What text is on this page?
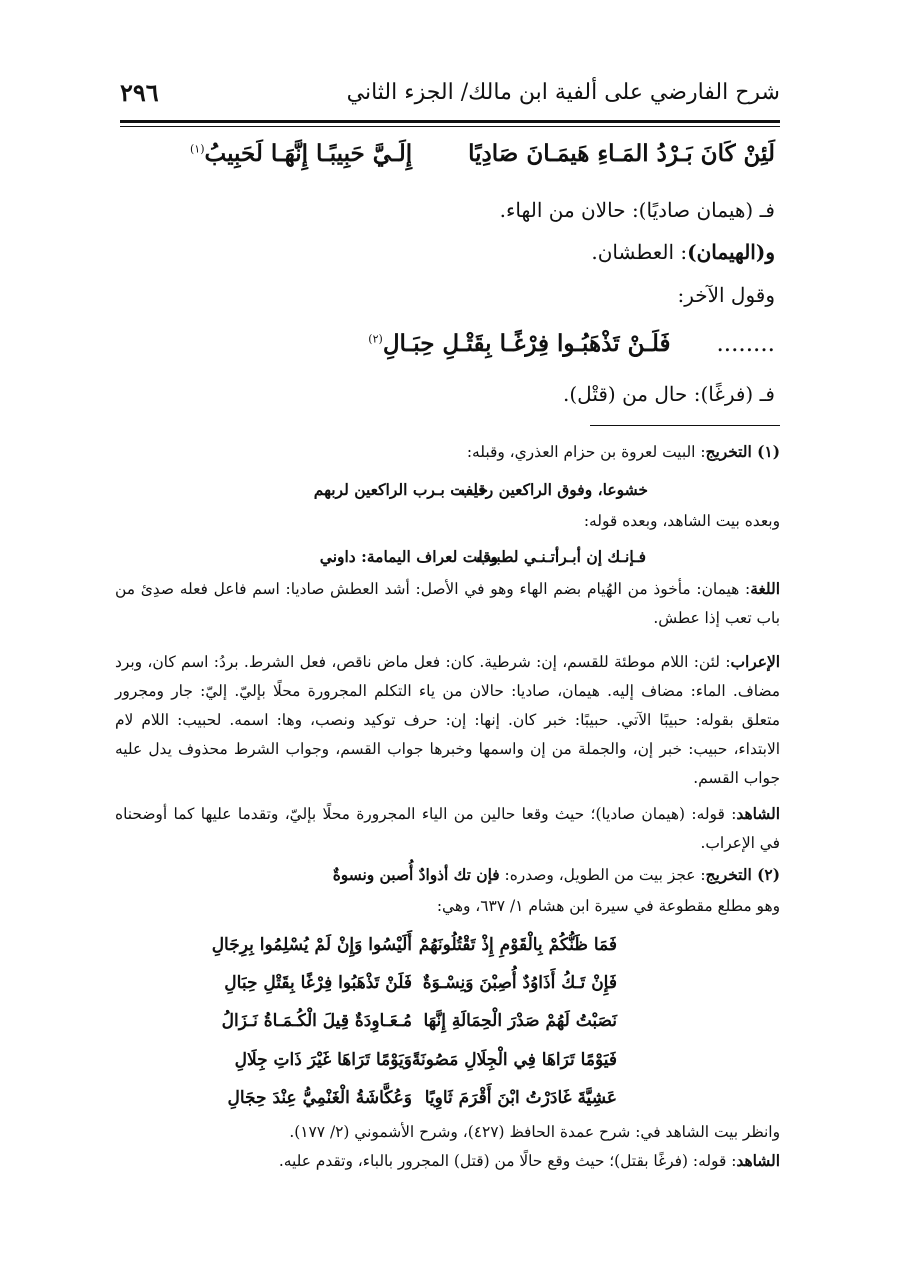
شرح الفارضي على ألفية ابن مالك/ الجزء الثاني
٢٩٦
لَئِنْ كَانَ بَـرْدُ المَـاءِ هَيمَـانَ صَادِيًا  إِلَـيَّ حَبِيبًـا إِنَّهَـا لَحَبِيبُ$^{(١)}$
فـ (هيمان صاديًا): حالان من الهاء.
و(الهيمان): العطشان.
وقول الآخر:
........  فَلَـنْ تَذْهَبُـوا فِرْغًـا بِقَتْـلِ حِبَـالِ$^{(٢)}$
فـ (فرغًا): حال من (قتْل).
(١) التخريج: البيت لعروة بن حزام العذري، وقبله:
حلفت بـرب الراكعين لربهم
خشوعا، وفوق الراكعين رقيب
وبعده بيت الشاهد، وبعده قوله:
وقلت لعراف اليمامة: داوني
فـإنـك إن أبـرأتـنـي لطبيب
اللغة: هيمان: مأخوذ من الهُيام بضم الهاء وهو في الأصل: أشد العطش صاديا: اسم فاعل فعله صدِئ من باب تعب إذا عطش.
الإعراب: لئن: اللام موطئة للقسم، إن: شرطية. كان: فعل ماض ناقص، فعل الشرط. بردُ: اسم كان، وبرد مضاف. الماء: مضاف إليه. هيمان، صاديا: حالان من ياء التكلم المجرورة محلًا بإليّ. إليّ: جار ومجرور متعلق بقوله: حبيبًا الآتي. حبيبًا: خبر كان. إنها: إن: حرف توكيد ونصب، وها: اسمه. لحبيب: اللام لام الابتداء، حبيب: خبر إن، والجملة من إن واسمها وخبرها جواب القسم، وجواب الشرط محذوف يدل عليه جواب القسم.
الشاهد: قوله: (هيمان صاديا)؛ حيث وقعا حالين من الياء المجرورة محلًا بإليّ، وتقدما عليها كما أوضحناه في الإعراب.
(٢) التخريج: عجز بيت من الطويل، وصدره: فإن تك أذوادٌ أُصبن ونسوةٌ
وهو مطلع مقطوعة في سيرة ابن هشام ١/ ٦٣٧، وهي:
فَمَا ظَنُّكُمْ بِالْقَوْمِ إِذْ تَقْتُلُونَهُمْ
أَلَيْسُوا وَإِنْ لَمْ يُسْلِمُوا بِرِجَالِ
فَإِنْ تَـكُ أَذَاوُدٌ أُصِبْنَ وَنِسْـوَةٌ
فَلَنْ تَذْهَبُوا فِرْغًا بِقَتْلِ حِبَالِ
نَصَبْتُ لَهُمْ صَدْرَ الْحِمَالَةِ إِنَّهَا
مُـعَـاوِدَةٌ قِيلَ الْكُـمَـاةُ نَـزَالُ
فَيَوْمًا تَرَاهَا فِي الْجِلَالِ مَصُونَةً
وَيَوْمًا تَرَاهَا غَيْرَ ذَاتِ جِلَالِ
عَشِيَّةَ غَادَرْتُ ابْنَ أَقْرَمَ ثَاوِيًا
وَعُكَّاشَةُ الْغَنْمِيُّ عِنْدَ حِجَالِ
وانظر بيت الشاهد في: شرح عمدة الحافظ (٤٢٧)، وشرح الأشموني (٢/ ١٧٧).
الشاهد: قوله: (فرغًا بقتل)؛ حيث وقع حالًا من (قتل) المجرور بالباء، وتقدم عليه.
